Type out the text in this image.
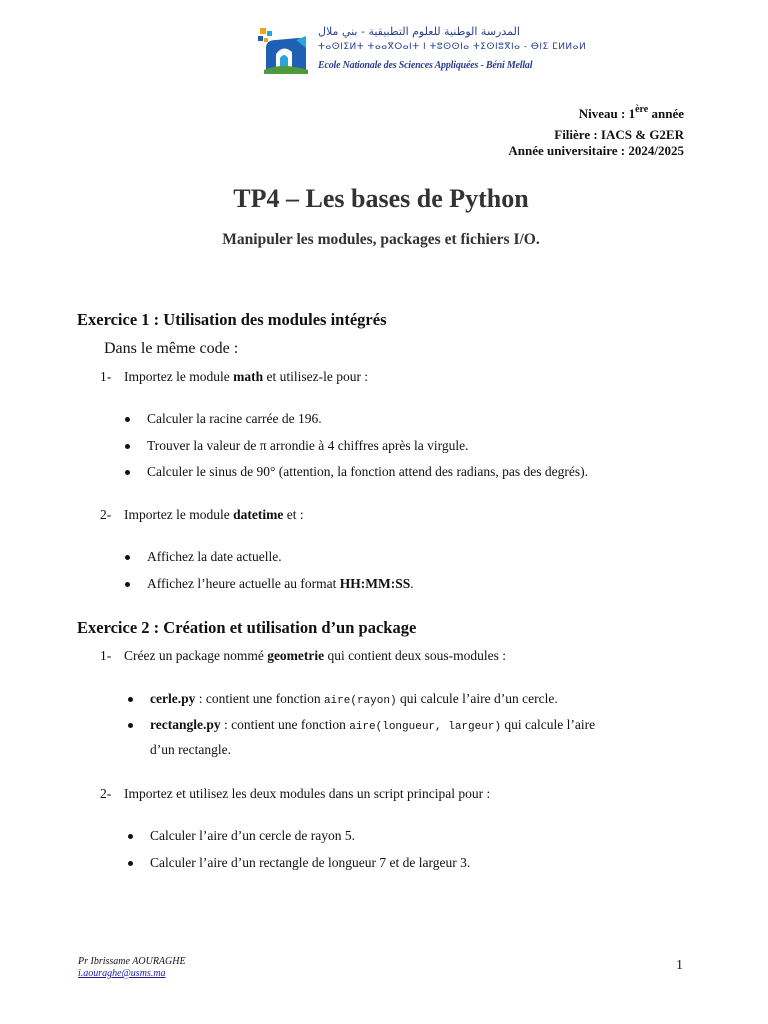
المدرسة الوطنية للعلوم التطبيقية - بني ملال
ⵜⴰⵙⵏⵉⵍⵜ ⵜⴰⴰⴳⵔⴰⵏⵜ ⵏ ⵜⵓⵙⵙⵏⴰ ⵜⵉⵙⵏⵓⴳⵏⴰ - ⴱⵏⵉ ⵎⵍⵍⴰⵍ
Ecole Nationale des Sciences Appliquées - Béni Mellal
Niveau : 1ère année
Filière : IACS & G2ER
Année universitaire : 2024/2025
TP4 – Les bases de Python
Manipuler les modules, packages et fichiers I/O.
Exercice 1 : Utilisation des modules intégrés
Dans le même code :
1- Importez le module math et utilisez-le pour :
Calculer la racine carrée de 196.
Trouver la valeur de π arrondie à 4 chiffres après la virgule.
Calculer le sinus de 90° (attention, la fonction attend des radians, pas des degrés).
2- Importez le module datetime et :
Affichez la date actuelle.
Affichez l’heure actuelle au format HH:MM:SS.
Exercice 2 : Création et utilisation d’un package
1- Créez un package nommé geometrie qui contient deux sous-modules :
cerle.py : contient une fonction aire(rayon) qui calcule l’aire d’un cercle.
rectangle.py : contient une fonction aire(longueur, largeur) qui calcule l’aire
d’un rectangle.
2- Importez et utilisez les deux modules dans un script principal pour :
Calculer l’aire d’un cercle de rayon 5.
Calculer l’aire d’un rectangle de longueur 7 et de largeur 3.
Pr Ibrissame AOURAGHE
i.aouraghe@usms.ma
1
